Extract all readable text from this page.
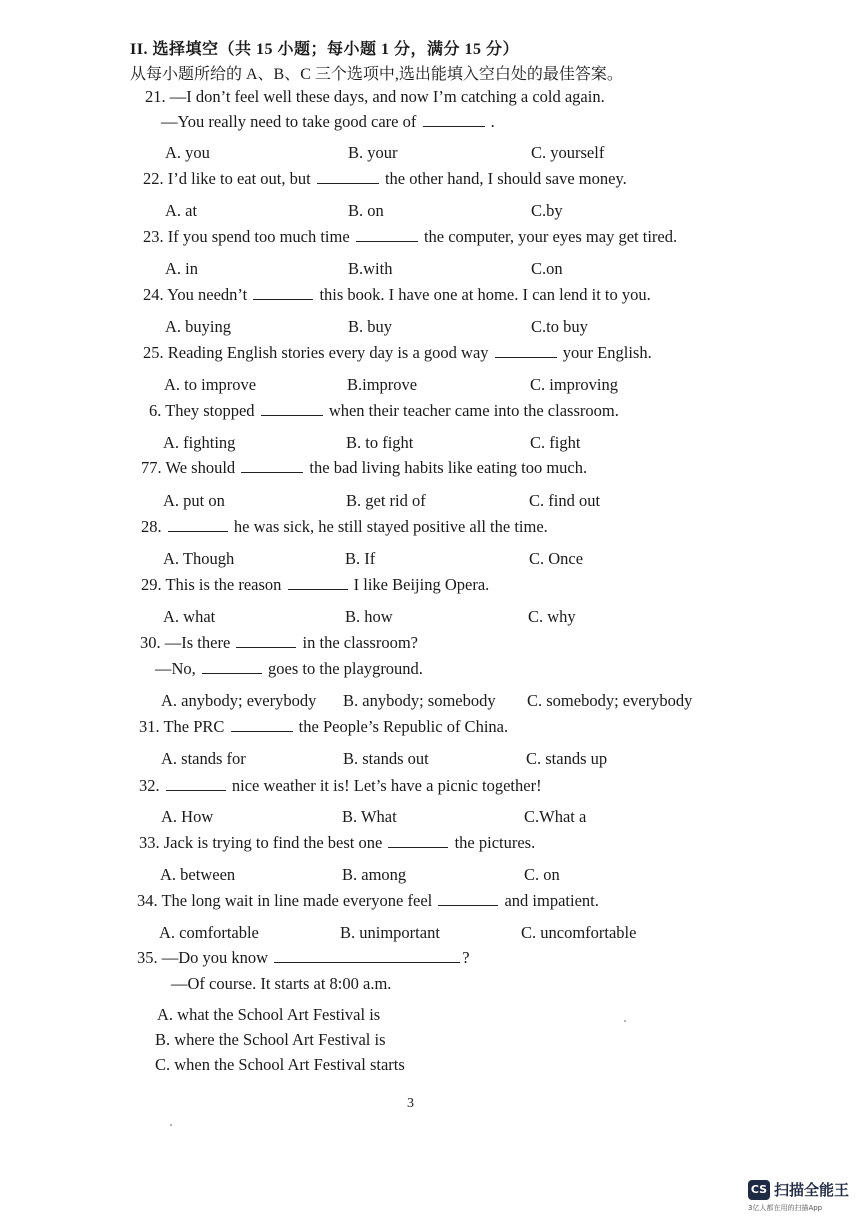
II. 选择填空（共 15 小题；每小题 1 分，满分 15 分）
从每小题所给的 A、B、C 三个选项中,选出能填入空白处的最佳答案。
21. —I don’t feel well these days, and now I’m catching a cold again.
—You really need to take good care of	.
A. you	B. your	C. yourself
22. I’d like to eat out, but	the other hand, I should save money.
A. at	B. on	C.by
23. If you spend too much time	the computer, your eyes may get tired.
A. in	B.with	C.on
24. You needn’t	this book. I have one at home. I can lend it to you.
A. buying	B. buy	C.to buy
25. Reading English stories every day is a good way	your English.
A. to improve	B.improve	C. improving
6. They stopped	when their teacher came into the classroom.
A. fighting	B. to fight	C. fight
77. We should	the bad living habits like eating too much.
A. put on	B. get rid of	C. find out
28.	he was sick, he still stayed positive all the time.
A. Though	B. If	C. Once
29. This is the reason	I like Beijing Opera.
A. what	B. how	C. why
30. —Is there	in the classroom?
—No,	goes to the playground.
A. anybody; everybody B. anybody; somebody C. somebody; everybody
31. The PRC	the People’s Republic of China.
A. stands for	B. stands out	C. stands up
32.	nice weather it is! Let’s have a picnic together!
A. How	B. What	C.What a
33. Jack is trying to find the best one	the pictures.
A. between	B. among	C. on
34. The long wait in line made everyone feel	and impatient.
A. comfortable	B. unimportant	C. uncomfortable
35. —Do you know	?
—Of course. It starts at 8:00 a.m.
A. what the School Art Festival is
B. where the School Art Festival is
C. when the School Art Festival starts
3
CS 扫描全能王
3亿人都在用的扫描App
